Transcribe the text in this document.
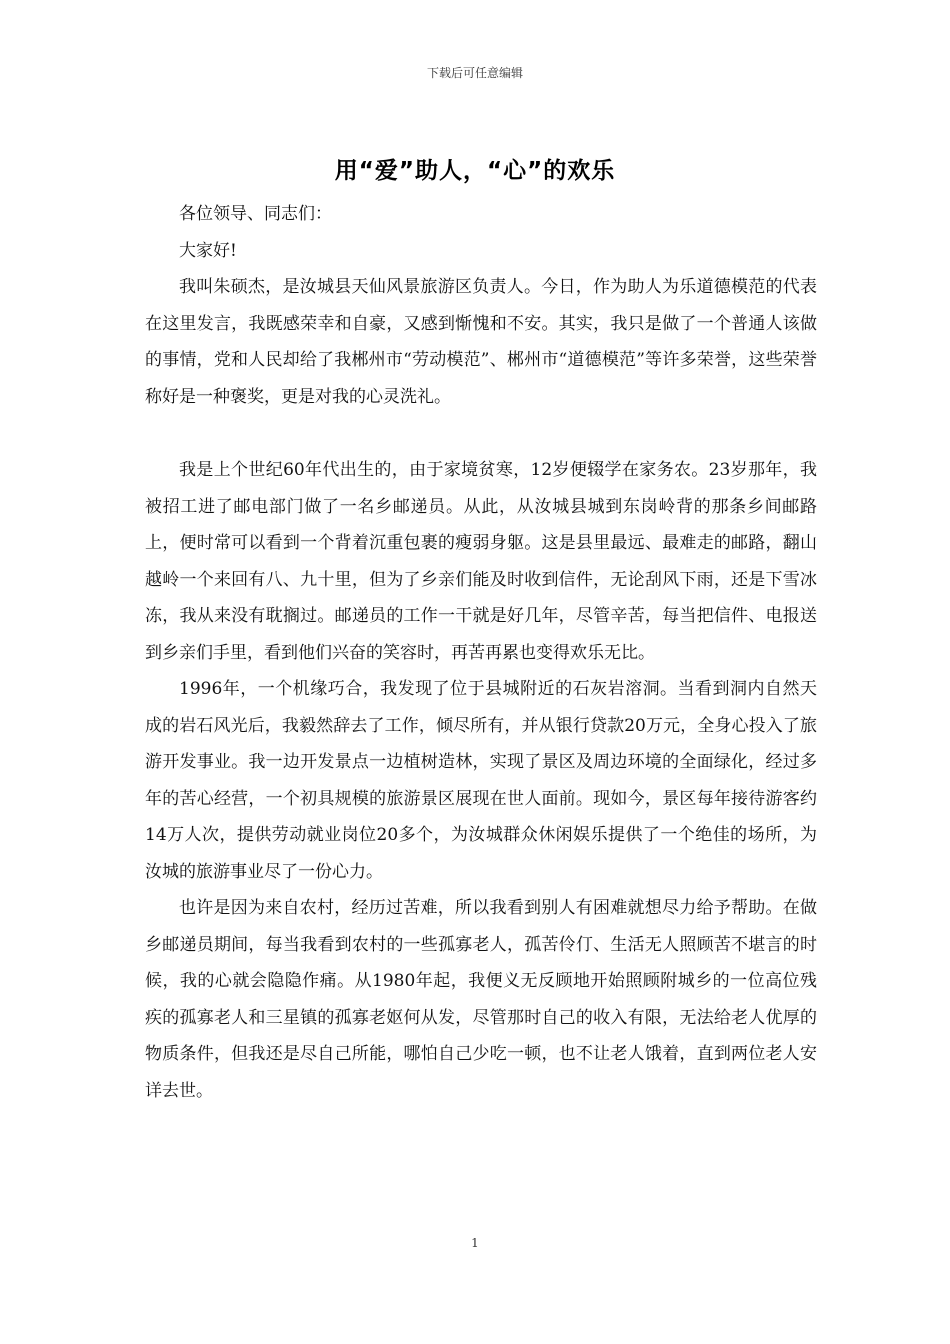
下载后可任意编辑
用“爱”助人，“心”的欢乐

各位领导、同志们：

大家好!

我叫朱硕杰，是汝城县天仙风景旅游区负责人。今日，作为助人为乐道德模范的代表在这里发言，我既感荣幸和自豪，又感到惭愧和不安。其实，我只是做了一个普通人该做的事情，党和人民却给了我郴州市“劳动模范”、郴州市“道德模范”等许多荣誉，这些荣誉称好是一种褒奖，更是对我的心灵洗礼。

我是上个世纪60年代出生的，由于家境贫寒，12岁便辍学在家务农。23岁那年，我被招工进了邮电部门做了一名乡邮递员。从此，从汝城县城到东岗岭背的那条乡间邮路上，便时常可以看到一个背着沉重包裹的瘦弱身躯。这是县里最远、最难走的邮路，翻山越岭一个来回有八、九十里，但为了乡亲们能及时收到信件，无论刮风下雨，还是下雪冰冻，我从来没有耽搁过。邮递员的工作一干就是好几年，尽管辛苦，每当把信件、电报送到乡亲们手里，看到他们兴奋的笑容时，再苦再累也变得欢乐无比。

1996年，一个机缘巧合，我发现了位于县城附近的石灰岩溶洞。当看到洞内自然天成的岩石风光后，我毅然辞去了工作，倾尽所有，并从银行贷款20万元，全身心投入了旅游开发事业。我一边开发景点一边植树造林，实现了景区及周边环境的全面绿化，经过多年的苦心经营，一个初具规模的旅游景区展现在世人面前。现如今，景区每年接待游客约14万人次，提供劳动就业岗位20多个，为汝城群众休闲娱乐提供了一个绝佳的场所，为汝城的旅游事业尽了一份心力。

也许是因为来自农村，经历过苦难，所以我看到别人有困难就想尽力给予帮助。在做乡邮递员期间，每当我看到农村的一些孤寡老人，孤苦伶仃、生活无人照顾苦不堪言的时候，我的心就会隐隐作痛。从1980年起，我便义无反顾地开始照顾附城乡的一位高位残疾的孤寡老人和三星镇的孤寡老妪何从发，尽管那时自己的收入有限，无法给老人优厚的物质条件，但我还是尽自己所能，哪怕自己少吃一顿，也不让老人饿着，直到两位老人安详去世。

1
